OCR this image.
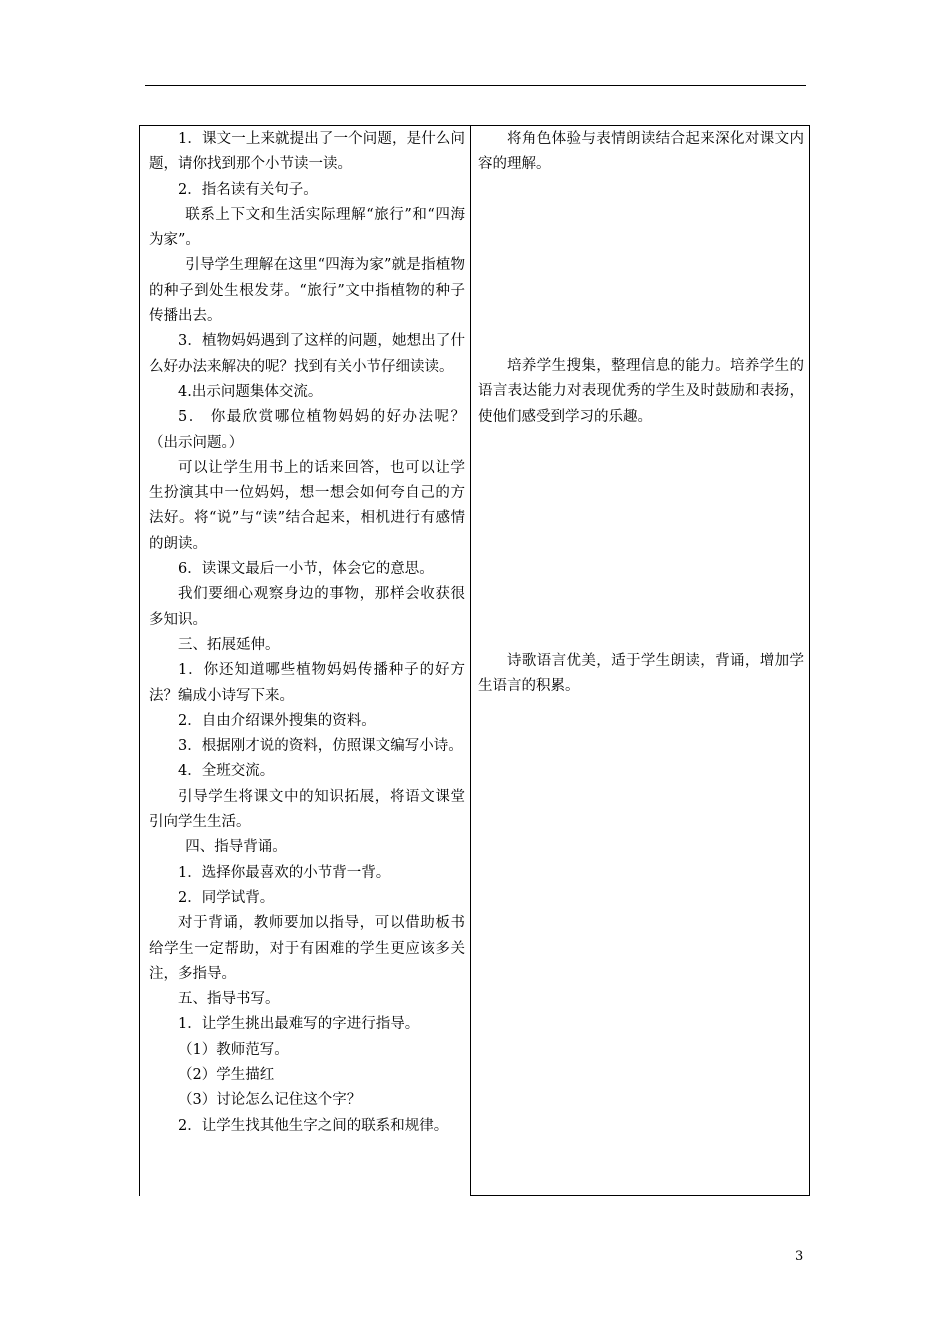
1．课文一上来就提出了一个问题，是什么问题，请你找到那个小节读一读。

2．指名读有关句子。

联系上下文和生活实际理解“旅行”和“四海为家”。

引导学生理解在这里“四海为家”就是指植物的种子到处生根发芽。“旅行”文中指植物的种子传播出去。

3．植物妈妈遇到了这样的问题，她想出了什么好办法来解决的呢？找到有关小节仔细读读。

4.出示问题集体交流。

5． 你最欣赏哪位植物妈妈的好办法呢？（出示问题。）

可以让学生用书上的话来回答，也可以让学生扮演其中一位妈妈，想一想会如何夸自己的方法好。将“说”与“读”结合起来，相机进行有感情的朗读。

6．读课文最后一小节，体会它的意思。

我们要细心观察身边的事物，那样会收获很多知识。

三、拓展延伸。

1．你还知道哪些植物妈妈传播种子的好方法？编成小诗写下来。

2．自由介绍课外搜集的资料。

3．根据刚才说的资料，仿照课文编写小诗。

4．全班交流。

引导学生将课文中的知识拓展，将语文课堂引向学生生活。

四、指导背诵。

1．选择你最喜欢的小节背一背。

2．同学试背。

对于背诵，教师要加以指导，可以借助板书给学生一定帮助，对于有困难的学生更应该多关注，多指导。

五、指导书写。

1．让学生挑出最难写的字进行指导。

（1）教师范写。

（2）学生描红

（3）讨论怎么记住这个字？

2．让学生找其他生字之间的联系和规律。

将角色体验与表情朗读结合起来深化对课文内容的理解。

培养学生搜集，整理信息的能力。培养学生的语言表达能力对表现优秀的学生及时鼓励和表扬，使他们感受到学习的乐趣。

诗歌语言优美，适于学生朗读，背诵，增加学生语言的积累。

3
